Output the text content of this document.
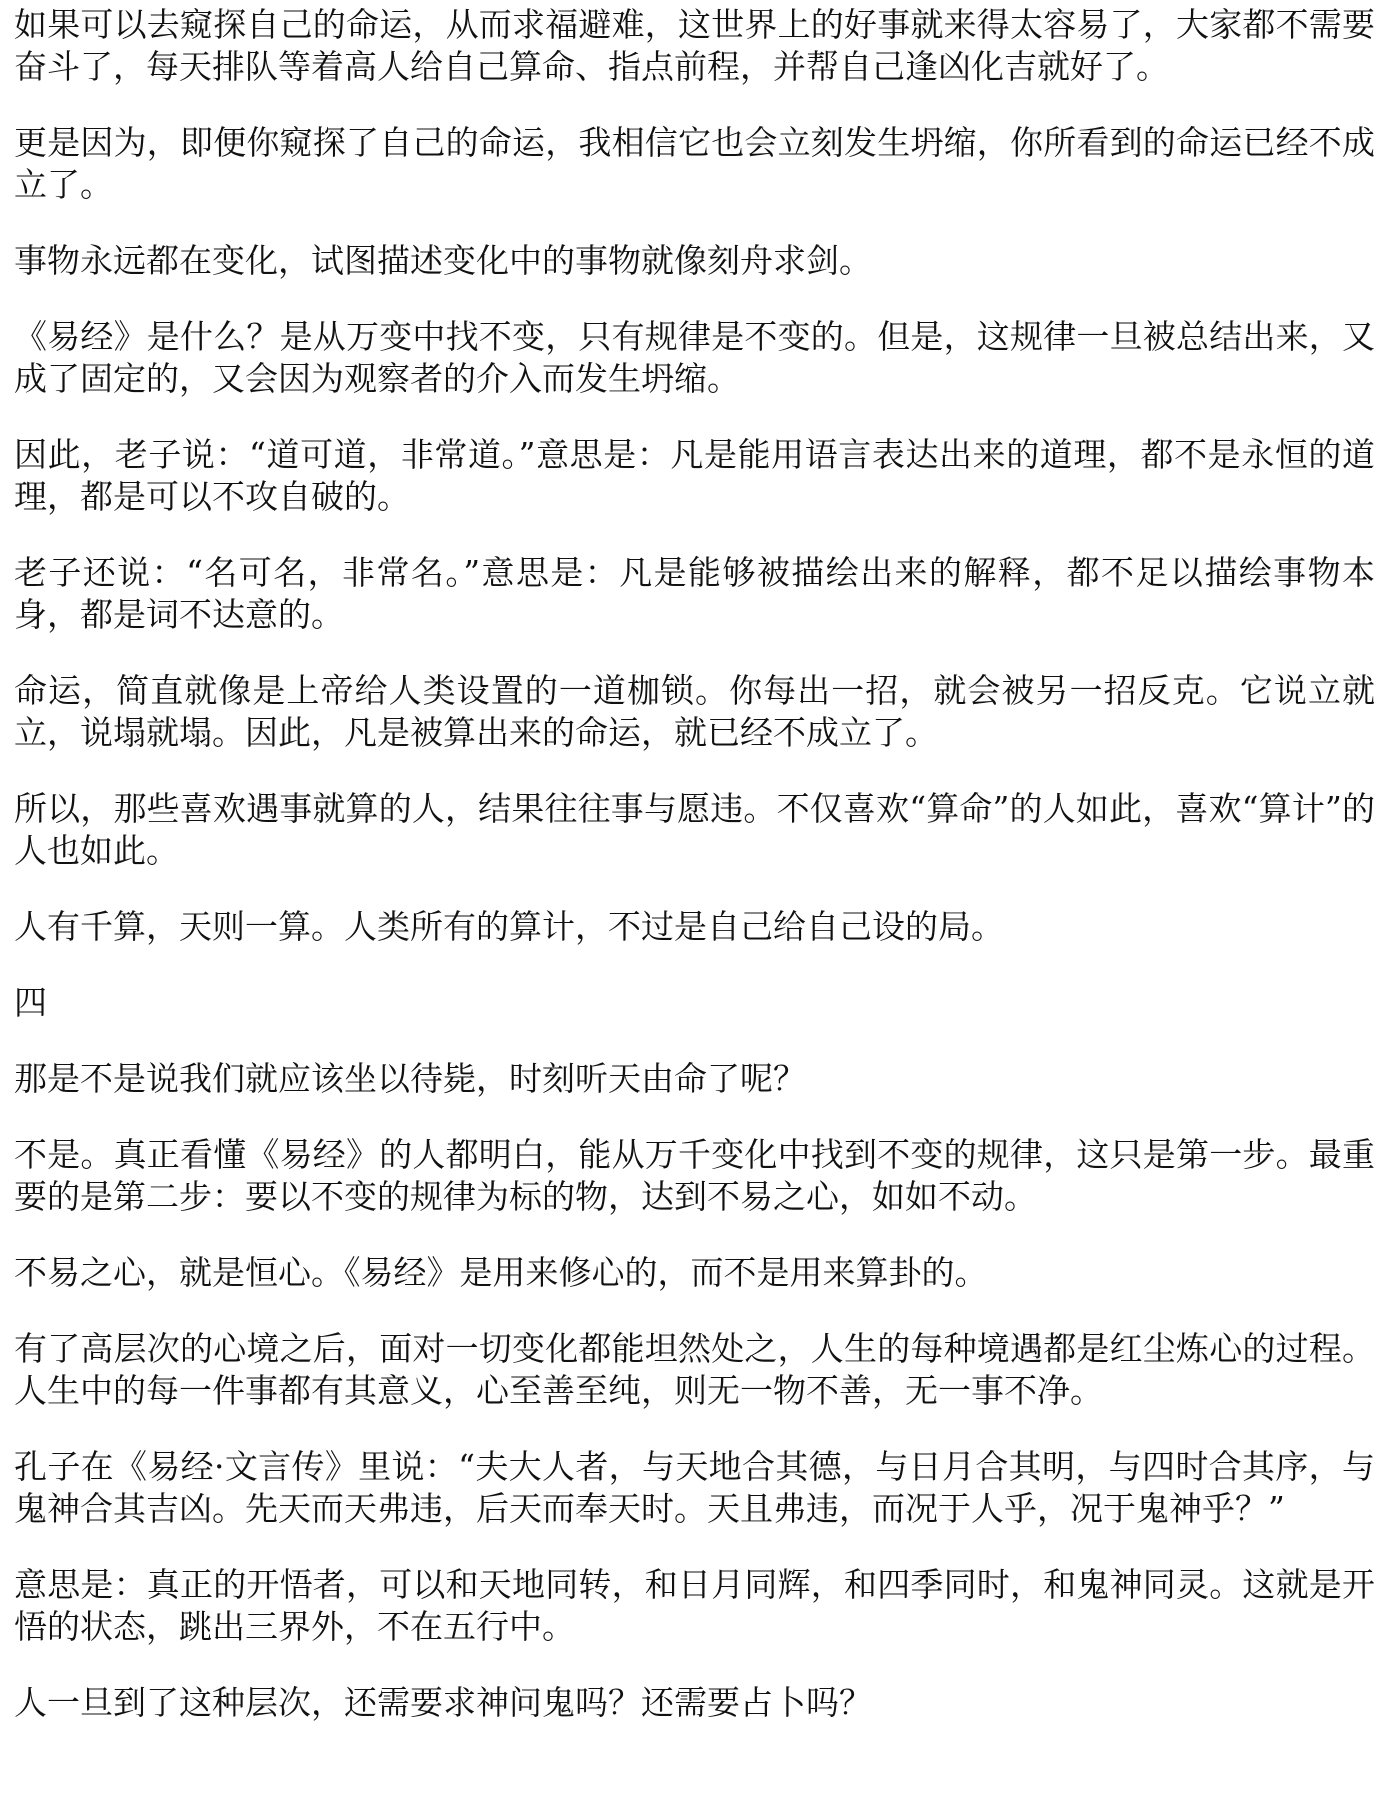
如果可以去窥探自己的命运，从而求福避难，这世界上的好事就来得太容易了，大家都不需要奋斗了，每天排队等着高人给自己算命、指点前程，并帮自己逢凶化吉就好了。

更是因为，即便你窥探了自己的命运，我相信它也会立刻发生坍缩，你所看到的命运已经不成立了。

事物永远都在变化，试图描述变化中的事物就像刻舟求剑。

《易经》是什么？是从万变中找不变，只有规律是不变的。但是，这规律一旦被总结出来，又成了固定的，又会因为观察者的介入而发生坍缩。

因此，老子说：“道可道，非常道。”意思是：凡是能用语言表达出来的道理，都不是永恒的道理，都是可以不攻自破的。

老子还说：“名可名，非常名。”意思是：凡是能够被描绘出来的解释，都不足以描绘事物本身，都是词不达意的。

命运，简直就像是上帝给人类设置的一道枷锁。你每出一招，就会被另一招反克。它说立就立，说塌就塌。因此，凡是被算出来的命运，就已经不成立了。

所以，那些喜欢遇事就算的人，结果往往事与愿违。不仅喜欢“算命”的人如此，喜欢“算计”的人也如此。

人有千算，天则一算。人类所有的算计，不过是自己给自己设的局。

四

那是不是说我们就应该坐以待毙，时刻听天由命了呢？

不是。真正看懂《易经》的人都明白，能从万千变化中找到不变的规律，这只是第一步。最重要的是第二步：要以不变的规律为标的物，达到不易之心，如如不动。

不易之心，就是恒心。《易经》是用来修心的，而不是用来算卦的。

有了高层次的心境之后，面对一切变化都能坦然处之，人生的每种境遇都是红尘炼心的过程。人生中的每一件事都有其意义，心至善至纯，则无一物不善，无一事不净。

孔子在《易经·文言传》里说：“夫大人者，与天地合其德，与日月合其明，与四时合其序，与鬼神合其吉凶。先天而天弗违，后天而奉天时。天且弗违，而况于人乎，况于鬼神乎？”

意思是：真正的开悟者，可以和天地同转，和日月同辉，和四季同时，和鬼神同灵。这就是开悟的状态，跳出三界外，不在五行中。

人一旦到了这种层次，还需要求神问鬼吗？还需要占卜吗？
